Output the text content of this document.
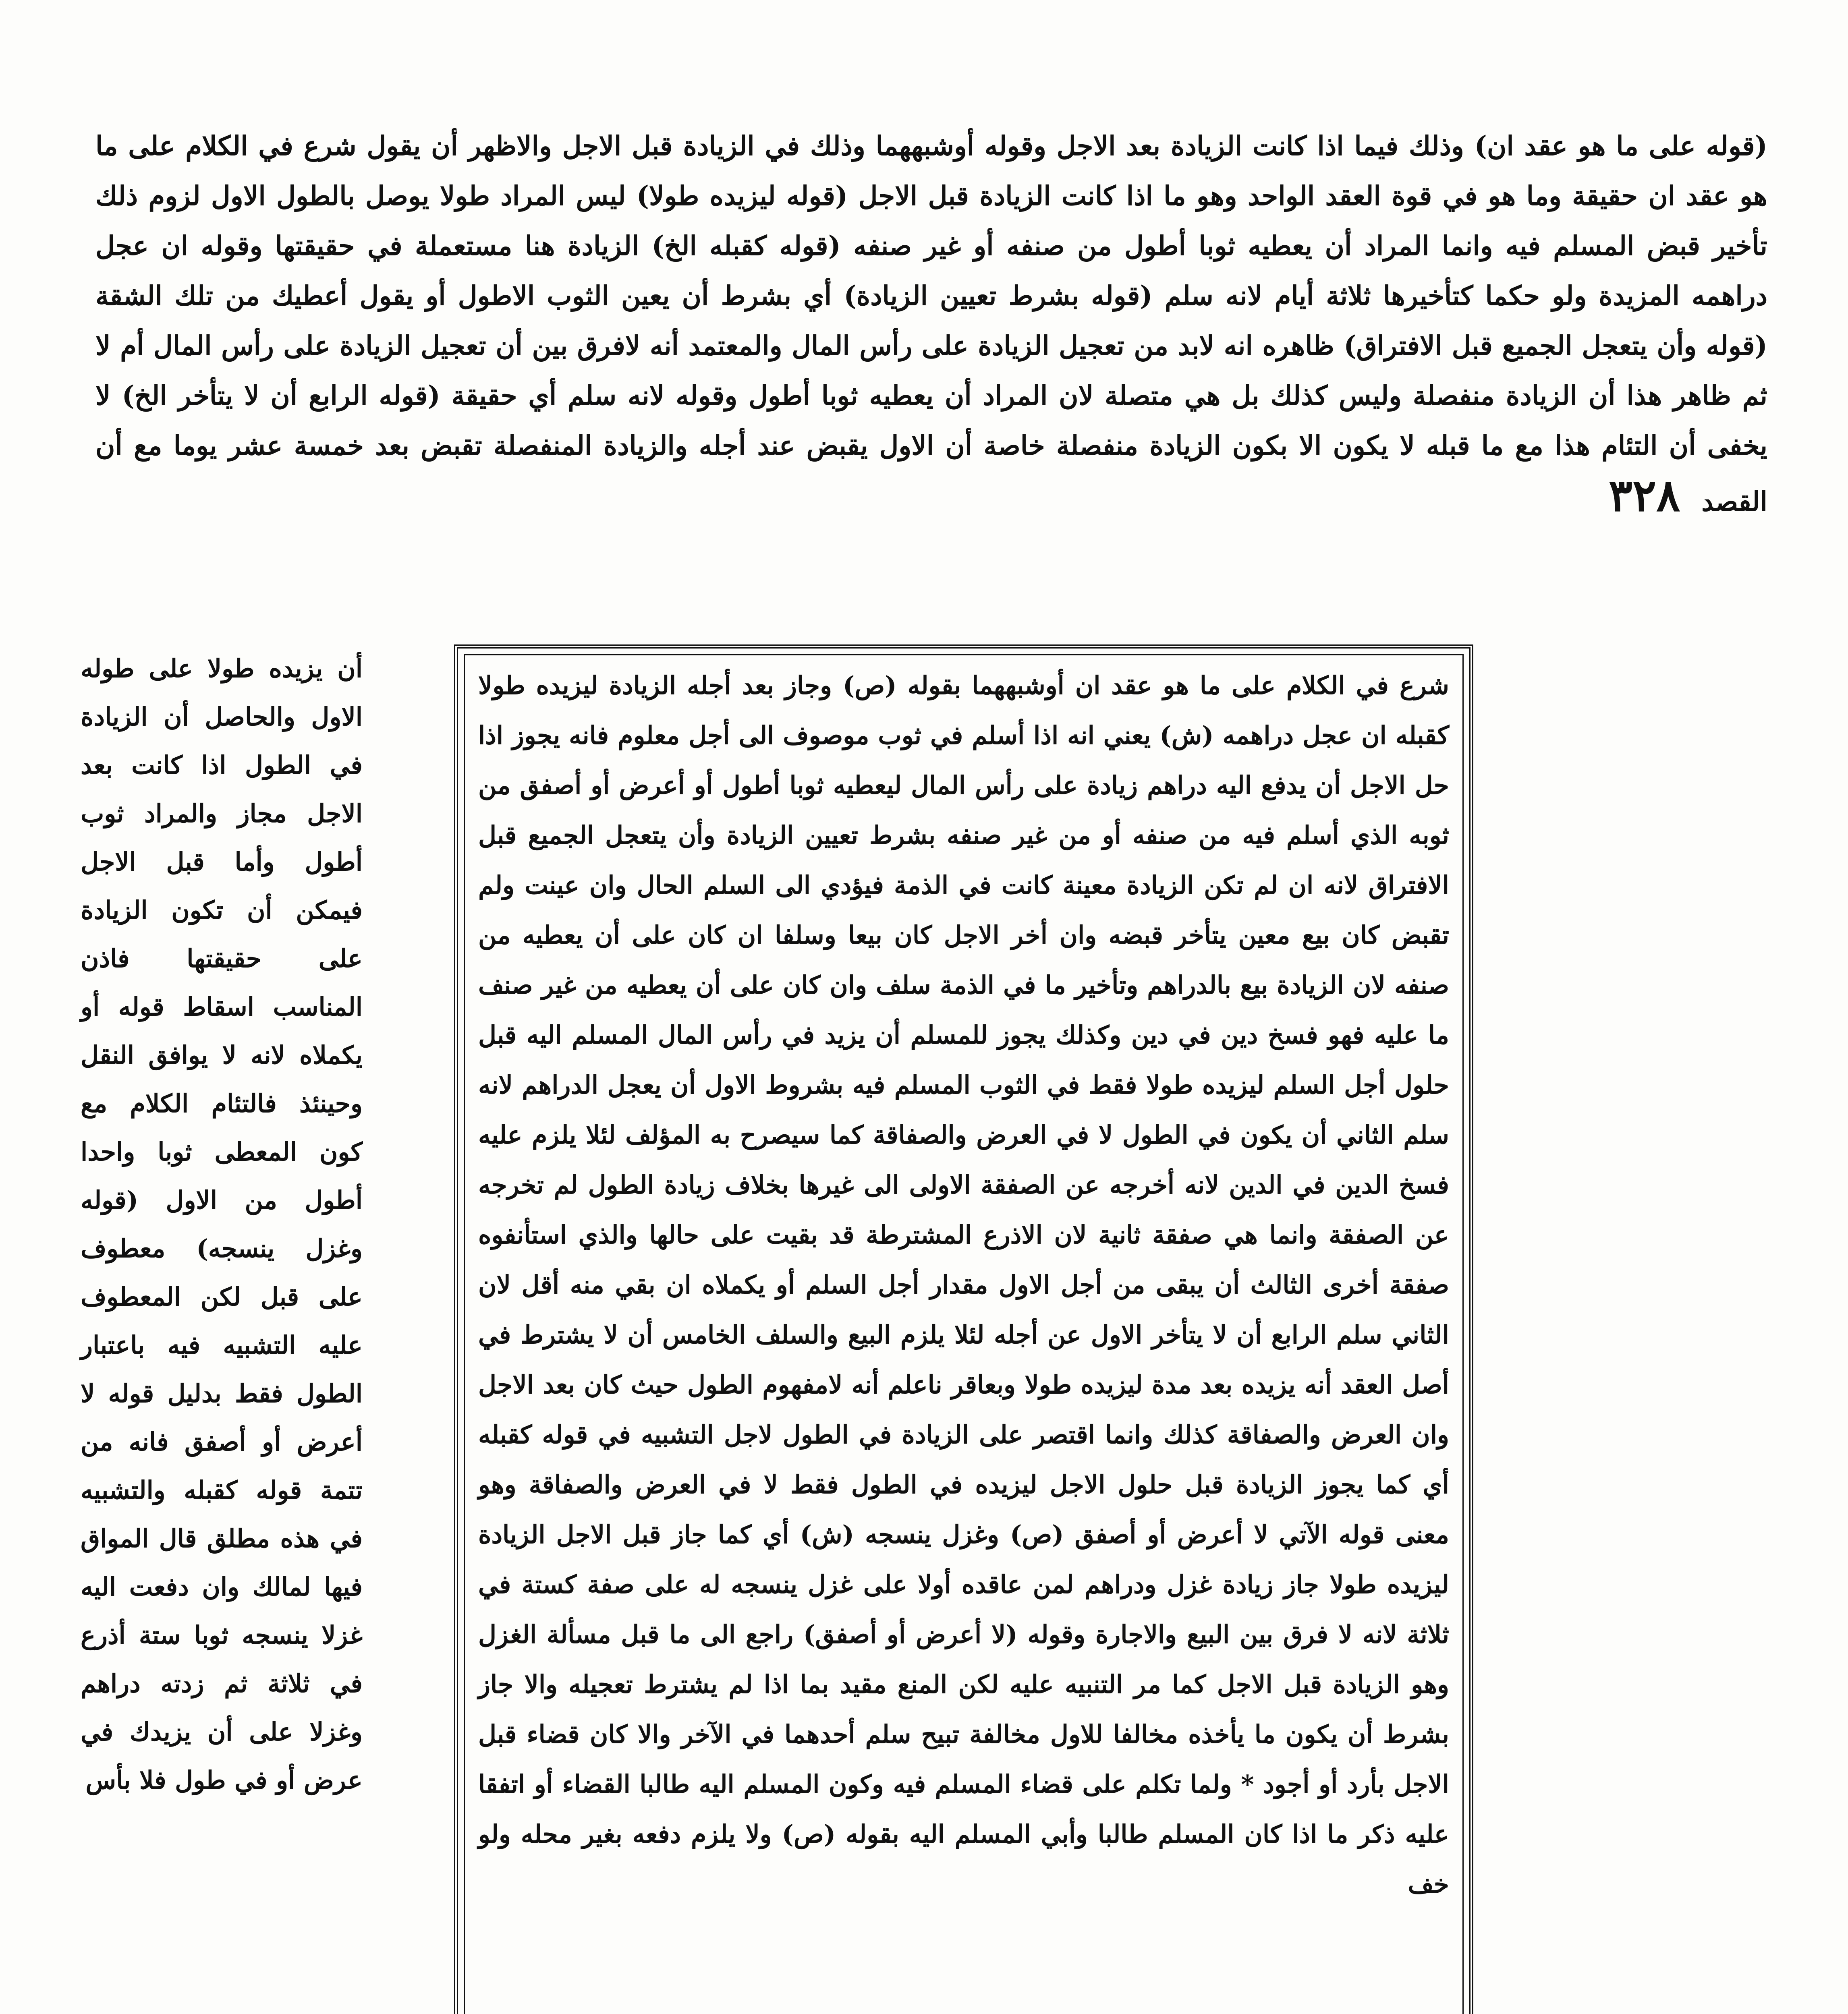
(قوله على ما هو عقد ان) وذلك فيما اذا كانت الزيادة بعد الاجل وقوله أوشبههما وذلك في الزيادة قبل الاجل والاظهر أن يقول شرع في الكلام على ما هو عقد ان حقيقة وما هو في قوة العقد الواحد وهو ما اذا كانت الزيادة قبل الاجل (قوله ليزيده طولا) ليس المراد طولا يوصل بالطول الاول لزوم ذلك تأخير قبض المسلم فيه وانما المراد أن يعطيه ثوبا أطول من صنفه أو غير صنفه (قوله كقبله الخ) الزيادة هنا مستعملة في حقيقتها وقوله ان عجل دراهمه المزيدة ولو حكما كتأخيرها ثلاثة أيام لانه سلم (قوله بشرط تعيين الزيادة) أي بشرط أن يعين الثوب الاطول أو يقول أعطيك من تلك الشقة (قوله وأن يتعجل الجميع قبل الافتراق) ظاهره انه لابد من تعجيل الزيادة على رأس المال والمعتمد أنه لافرق بين أن تعجيل الزيادة على رأس المال أم لا ثم ظاهر هذا أن الزيادة منفصلة وليس كذلك بل هي متصلة لان المراد أن يعطيه ثوبا أطول وقوله لانه سلم أي حقيقة (قوله الرابع أن لا يتأخر الخ) لا يخفى أن التئام هذا مع ما قبله لا يكون الا بكون الزيادة منفصلة خاصة أن الاول يقبض عند أجله والزيادة المنفصلة تقبض بعد خمسة عشر يوما مع أن القصد ٣٢٨
شرع في الكلام على ما هو عقد ان أوشبههما بقوله (ص) وجاز بعد أجله الزيادة ليزيده طولا كقبله ان عجل دراهمه (ش) يعني انه اذا أسلم في ثوب موصوف الى أجل معلوم فانه يجوز اذا حل الاجل أن يدفع اليه دراهم زيادة على رأس المال ليعطيه ثوبا أطول أو أعرض أو أصفق من ثوبه الذي أسلم فيه من صنفه أو من غير صنفه بشرط تعيين الزيادة وأن يتعجل الجميع قبل الافتراق لانه ان لم تكن الزيادة معينة كانت في الذمة فيؤدي الى السلم الحال وان عينت ولم تقبض كان بيع معين يتأخر قبضه وان أخر الاجل كان بيعا وسلفا ان كان على أن يعطيه من صنفه لان الزيادة بيع بالدراهم وتأخير ما في الذمة سلف وان كان على أن يعطيه من غير صنف ما عليه فهو فسخ دين في دين وكذلك يجوز للمسلم أن يزيد في رأس المال المسلم اليه قبل حلول أجل السلم ليزيده طولا فقط في الثوب المسلم فيه بشروط الاول أن يعجل الدراهم لانه سلم الثاني أن يكون في الطول لا في العرض والصفاقة كما سيصرح به المؤلف لئلا يلزم عليه فسخ الدين في الدين لانه أخرجه عن الصفقة الاولى الى غيرها بخلاف زيادة الطول لم تخرجه عن الصفقة وانما هي صفقة ثانية لان الاذرع المشترطة قد بقيت على حالها والذي استأنفوه صفقة أخرى الثالث أن يبقى من أجل الاول مقدار أجل السلم أو يكملاه ان بقي منه أقل لان الثاني سلم الرابع أن لا يتأخر الاول عن أجله لئلا يلزم البيع والسلف الخامس أن لا يشترط في أصل العقد أنه يزيده بعد مدة ليزيده طولا وبعاقر ناعلم أنه لامفهوم الطول حيث كان بعد الاجل وان العرض والصفاقة كذلك وانما اقتصر على الزيادة في الطول لاجل التشبيه في قوله كقبله أي كما يجوز الزيادة قبل حلول الاجل ليزيده في الطول فقط لا في العرض والصفاقة وهو معنى قوله الآتي لا أعرض أو أصفق (ص) وغزل ينسجه (ش) أي كما جاز قبل الاجل الزيادة ليزيده طولا جاز زيادة غزل ودراهم لمن عاقده أولا على غزل ينسجه له على صفة كستة في ثلاثة لانه لا فرق بين البيع والاجارة وقوله (لا أعرض أو أصفق) راجع الى ما قبل مسألة الغزل وهو الزيادة قبل الاجل كما مر التنبيه عليه لكن المنع مقيد بما اذا لم يشترط تعجيله والا جاز بشرط أن يكون ما يأخذه مخالفا للاول مخالفة تبيح سلم أحدهما في الآخر والا كان قضاء قبل الاجل بأرد أو أجود * ولما تكلم على قضاء المسلم فيه وكون المسلم اليه طالبا القضاء أو اتفقا عليه ذكر ما اذا كان المسلم طالبا وأبي المسلم اليه بقوله (ص) ولا يلزم دفعه بغير محله ولو خف
أن يزيده طولا على طوله الاول والحاصل أن الزيادة في الطول اذا كانت بعد الاجل مجاز والمراد ثوب أطول وأما قبل الاجل فيمكن أن تكون الزيادة على حقيقتها فاذن المناسب اسقاط قوله أو يكملاه لانه لا يوافق النقل وحينئذ فالتئام الكلام مع كون المعطى ثوبا واحدا أطول من الاول (قوله وغزل ينسجه) معطوف على قبل لكن المعطوف عليه التشبيه فيه باعتبار الطول فقط بدليل قوله لا أعرض أو أصفق فانه من تتمة قوله كقبله والتشبيه في هذه مطلق قال المواق فيها لمالك وان دفعت اليه غزلا ينسجه ثوبا ستة أذرع في ثلاثة ثم زدته دراهم وغزلا على أن يزيدك في عرض أو في طول فلا بأس
